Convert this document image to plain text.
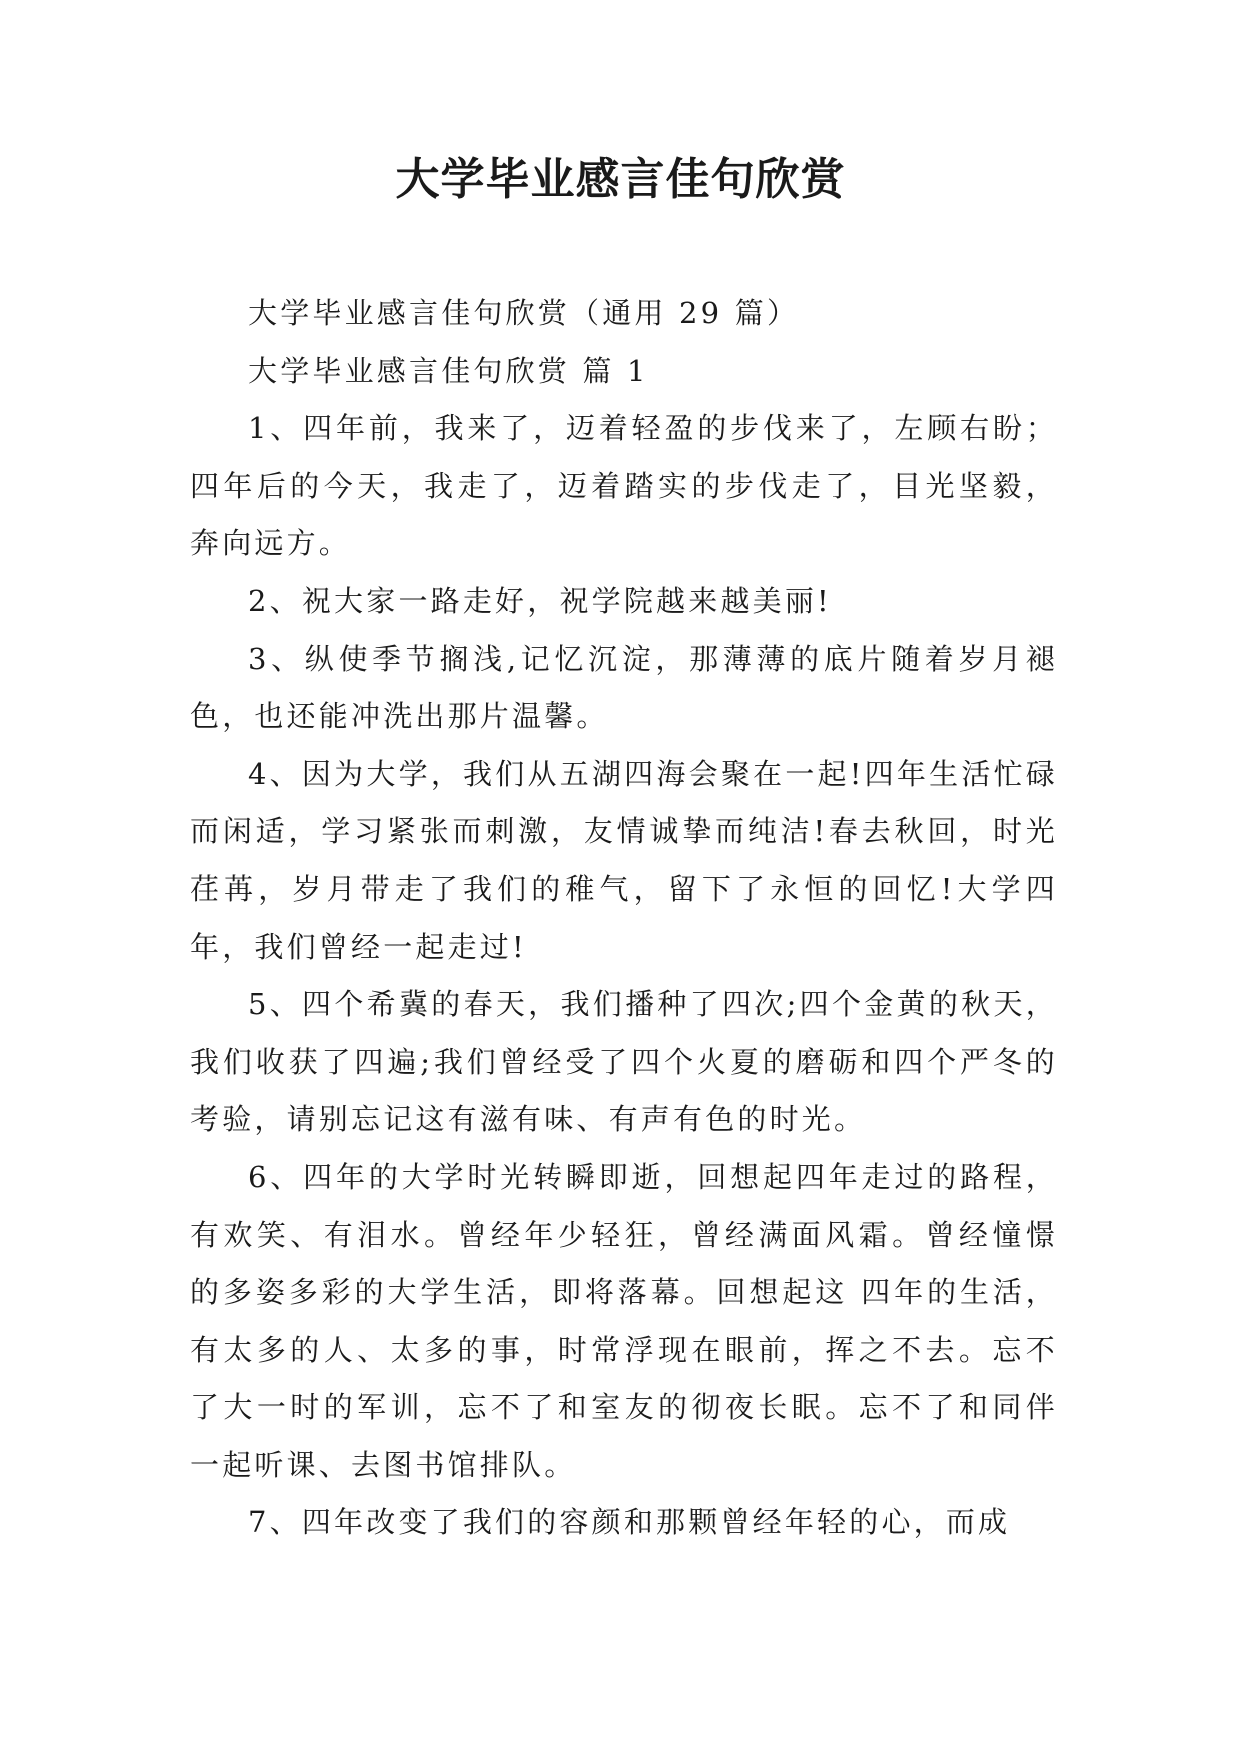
大学毕业感言佳句欣赏

大学毕业感言佳句欣赏（通用 29 篇）

大学毕业感言佳句欣赏 篇 1

1、四年前，我来了，迈着轻盈的步伐来了，左顾右盼；四年后的今天，我走了，迈着踏实的步伐走了，目光坚毅，奔向远方。

2、祝大家一路走好，祝学院越来越美丽!

3、纵使季节搁浅,记忆沉淀，那薄薄的底片随着岁月褪色，也还能冲洗出那片温馨。

4、因为大学，我们从五湖四海会聚在一起!四年生活忙碌而闲适，学习紧张而刺激，友情诚挚而纯洁!春去秋回，时光荏苒，岁月带走了我们的稚气，留下了永恒的回忆!大学四年，我们曾经一起走过!

5、四个希冀的春天，我们播种了四次;四个金黄的秋天，我们收获了四遍;我们曾经受了四个火夏的磨砺和四个严冬的考验，请别忘记这有滋有味、有声有色的时光。

6、四年的大学时光转瞬即逝，回想起四年走过的路程，有欢笑、有泪水。曾经年少轻狂，曾经满面风霜。曾经憧憬的多姿多彩的大学生活，即将落幕。回想起这 四年的生活，有太多的人、太多的事，时常浮现在眼前，挥之不去。忘不了大一时的军训，忘不了和室友的彻夜长眠。忘不了和同伴一起听课、去图书馆排队。

7、四年改变了我们的容颜和那颗曾经年轻的心，而成
